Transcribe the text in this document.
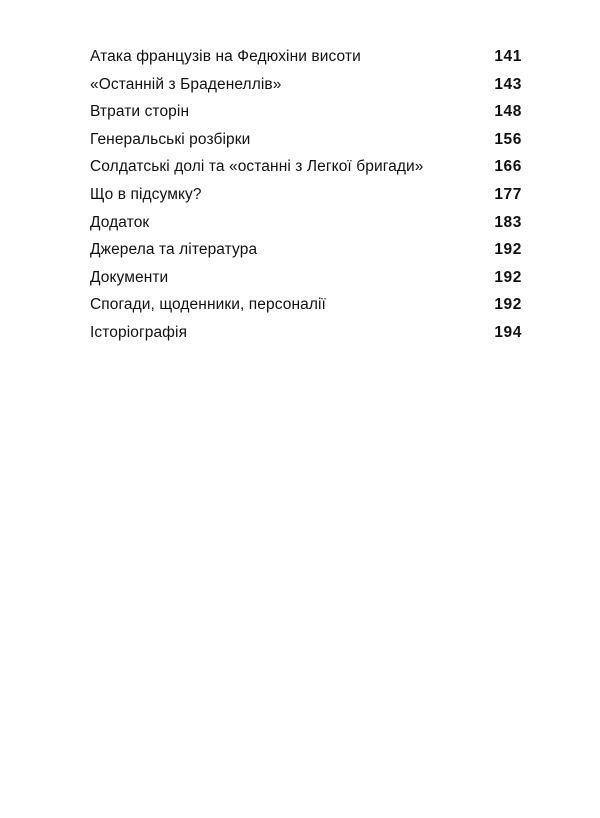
Атака французів на Федюхіни висоти	141
«Останній з Браденеллів»	143
Втрати сторін	148
Генеральські розбірки	156
Солдатські долі та «останні з Легкої бригади»	166
Що в підсумку?	177
Додаток	183
Джерела та література	192
Документи	192
Спогади, щоденники, персоналії	192
Історіографія	194
